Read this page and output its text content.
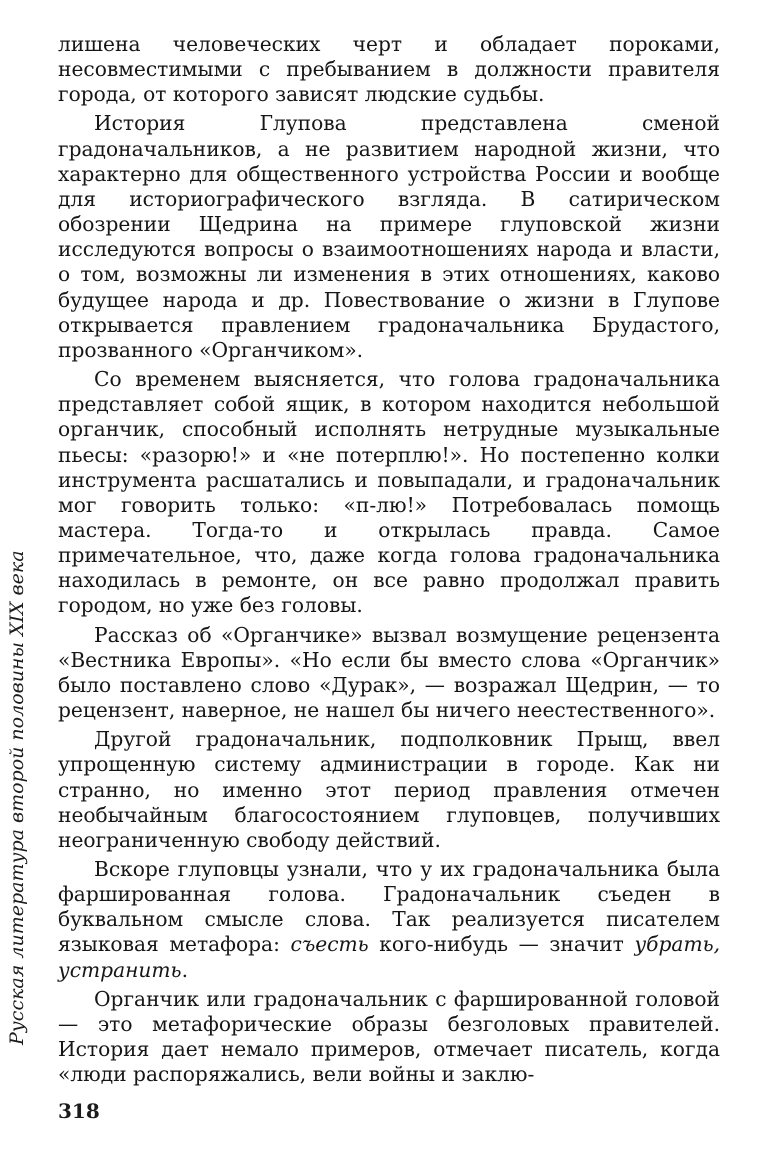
Русская литература второй половины XIX века

лишена человеческих черт и обладает пороками, несовместимыми с пребыванием в должности правителя города, от которого зависят людские судьбы.

История Глупова представлена сменой градоначальников, а не развитием народной жизни, что характерно для общественного устройства России и вообще для историографического взгляда. В сатирическом обозрении Щедрина на примере глуповской жизни исследуются вопросы о взаимоотношениях народа и власти, о том, возможны ли изменения в этих отношениях, каково будущее народа и др. Повествование о жизни в Глупове открывается правлением градоначальника Брудастого, прозванного «Органчиком».

Со временем выясняется, что голова градоначальника представляет собой ящик, в котором находится небольшой органчик, способный исполнять нетрудные музыкальные пьесы: «разорю!» и «не потерплю!». Но постепенно колки инструмента расшатались и повыпадали, и градоначальник мог говорить только: «п-лю!» Потребовалась помощь мастера. Тогда-то и открылась правда. Самое примечательное, что, даже когда голова градоначальника находилась в ремонте, он все равно продолжал править городом, но уже без головы.

Рассказ об «Органчике» вызвал возмущение рецензента «Вестника Европы». «Но если бы вместо слова «Органчик» было поставлено слово «Дурак», — возражал Щедрин, — то рецензент, наверное, не нашел бы ничего неестественного».

Другой градоначальник, подполковник Прыщ, ввел упрощенную систему администрации в городе. Как ни странно, но именно этот период правления отмечен необычайным благосостоянием глуповцев, получивших неограниченную свободу действий.

Вскоре глуповцы узнали, что у их градоначальника была фаршированная голова. Градоначальник съеден в буквальном смысле слова. Так реализуется писателем языковая метафора: съесть кого-нибудь — значит убрать, устранить.

Органчик или градоначальник с фаршированной головой — это метафорические образы безголовых правителей. История дает немало примеров, отмечает писатель, когда «люди распоряжались, вели войны и заклю-

318
